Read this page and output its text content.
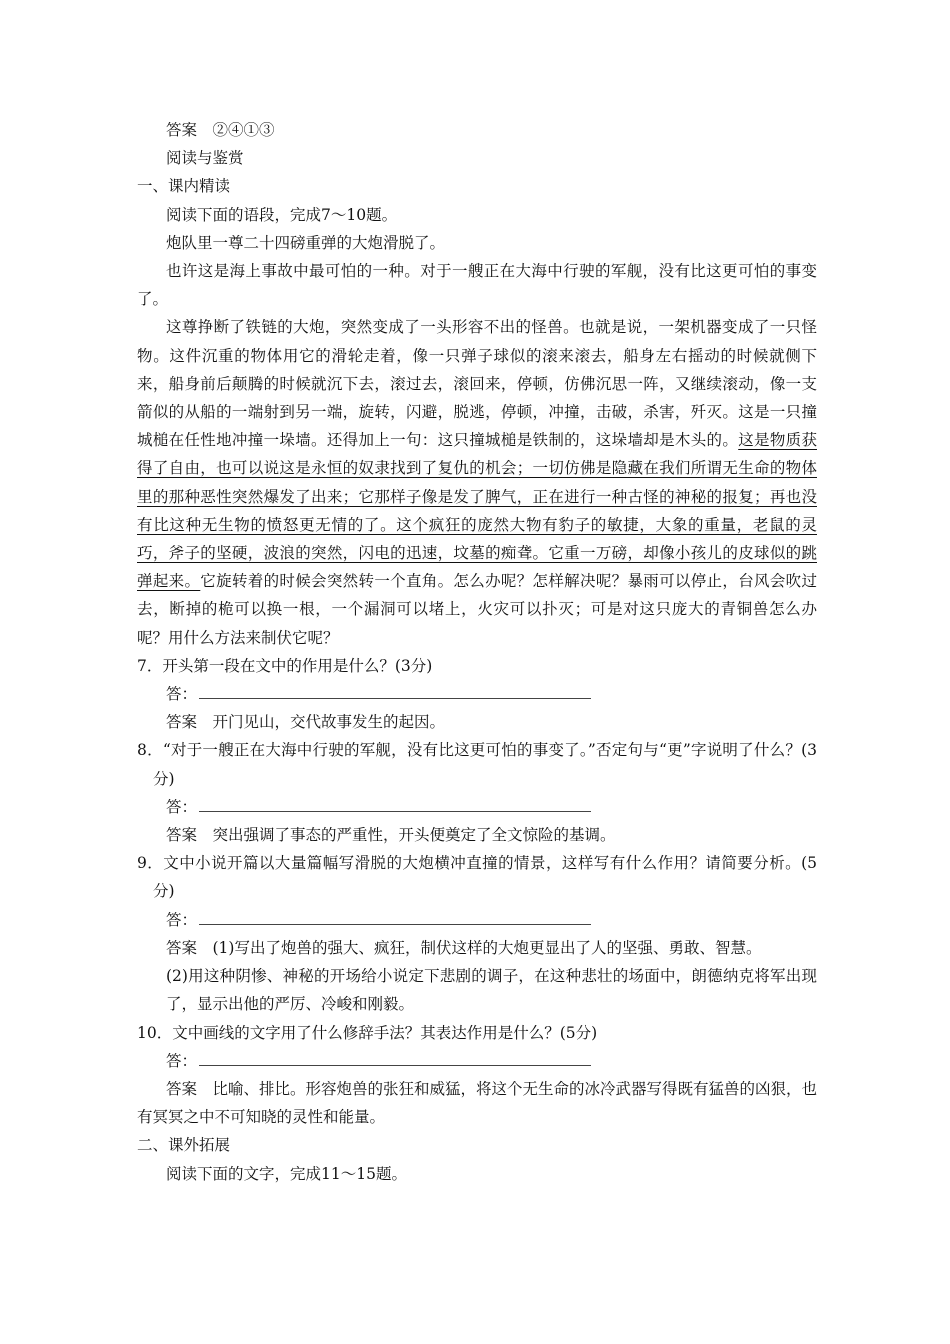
答案　②④①③

阅读与鉴赏

一、课内精读

阅读下面的语段，完成7～10题。

炮队里一尊二十四磅重弹的大炮滑脱了。

也许这是海上事故中最可怕的一种。对于一艘正在大海中行驶的军舰，没有比这更可怕的事变了。

这尊挣断了铁链的大炮，突然变成了一头形容不出的怪兽。也就是说，一架机器变成了一只怪物。这件沉重的物体用它的滑轮走着，像一只弹子球似的滚来滚去，船身左右摇动的时候就侧下来，船身前后颠腾的时候就沉下去，滚过去，滚回来，停顿，仿佛沉思一阵，又继续滚动，像一支箭似的从船的一端射到另一端，旋转，闪避，脱逃，停顿，冲撞，击破，杀害，歼灭。这是一只撞城槌在任性地冲撞一垛墙。还得加上一句：这只撞城槌是铁制的，这垛墙却是木头的。这是物质获得了自由，也可以说这是永恒的奴隶找到了复仇的机会；一切仿佛是隐藏在我们所谓无生命的物体里的那种恶性突然爆发了出来；它那样子像是发了脾气，正在进行一种古怪的神秘的报复；再也没有比这种无生物的愤怒更无情的了。这个疯狂的庞然大物有豹子的敏捷，大象的重量，老鼠的灵巧，斧子的坚硬，波浪的突然，闪电的迅速，坟墓的痴聋。它重一万磅，却像小孩儿的皮球似的跳弹起来。它旋转着的时候会突然转一个直角。怎么办呢？怎样解决呢？暴雨可以停止，台风会吹过去，断掉的桅可以换一根，一个漏洞可以堵上，火灾可以扑灭；可是对这只庞大的青铜兽怎么办呢？用什么方法来制伏它呢？

7．开头第一段在文中的作用是什么？(3分)

答：

答案　开门见山，交代故事发生的起因。

8．“对于一艘正在大海中行驶的军舰，没有比这更可怕的事变了。”否定句与“更”字说明了什么？(3分)

答：

答案　突出强调了事态的严重性，开头便奠定了全文惊险的基调。

9．文中小说开篇以大量篇幅写滑脱的大炮横冲直撞的情景，这样写有什么作用？请简要分析。(5分)

答：

答案　(1)写出了炮兽的强大、疯狂，制伏这样的大炮更显出了人的坚强、勇敢、智慧。

(2)用这种阴惨、神秘的开场给小说定下悲剧的调子，在这种悲壮的场面中，朗德纳克将军出现了，显示出他的严厉、冷峻和刚毅。

10．文中画线的文字用了什么修辞手法？其表达作用是什么？(5分)

答：

答案　比喻、排比。形容炮兽的张狂和威猛，将这个无生命的冰冷武器写得既有猛兽的凶狠，也有冥冥之中不可知晓的灵性和能量。

二、课外拓展

阅读下面的文字，完成11～15题。
